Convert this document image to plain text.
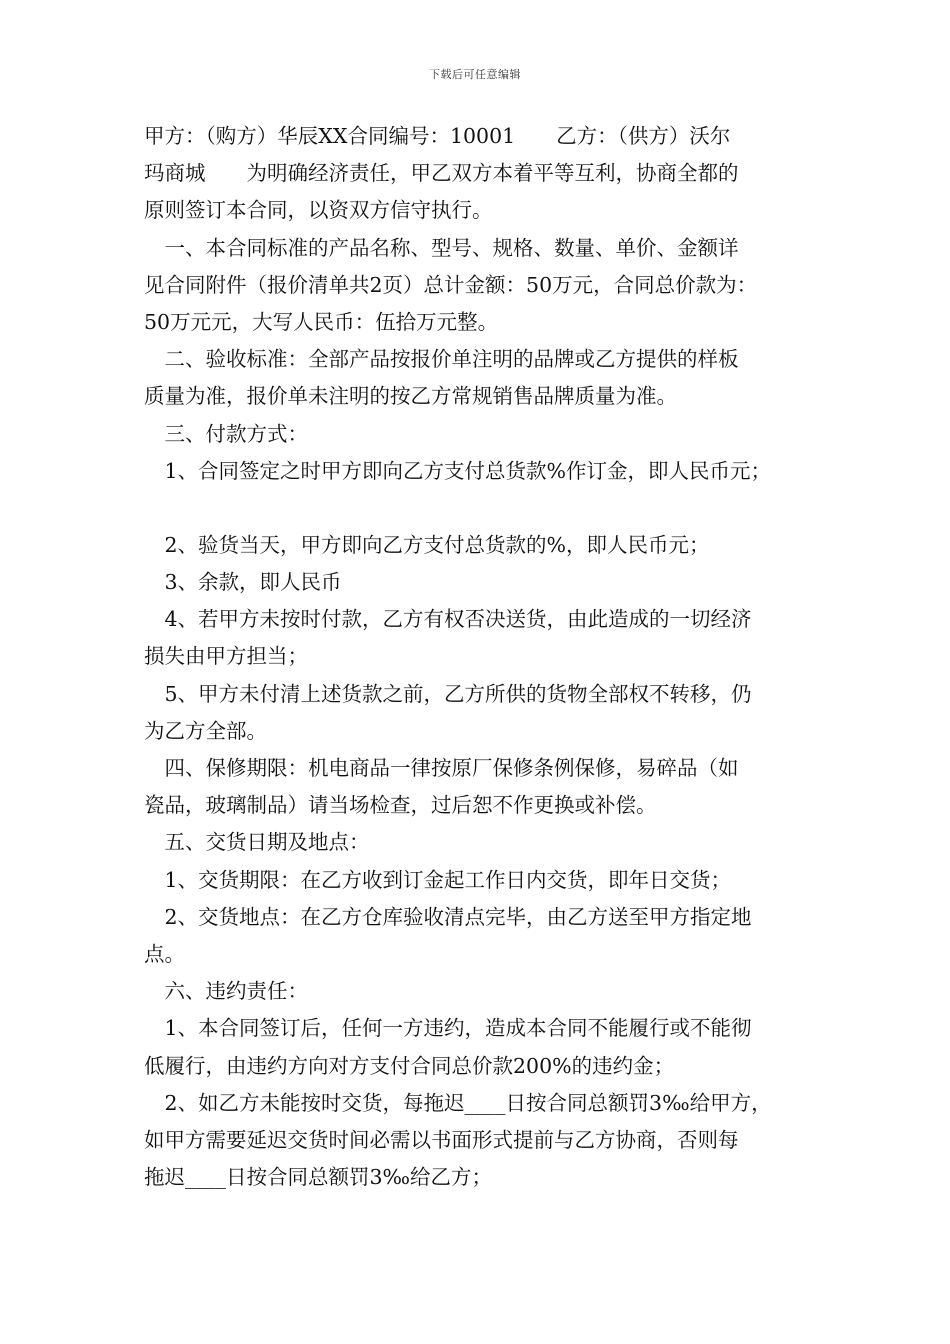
下载后可任意编辑
甲方：（购方）华辰XX合同编号：10001　　乙方：（供方）沃尔
玛商城　　为明确经济责任，甲乙双方本着平等互利，协商全都的
原则签订本合同，以资双方信守执行。
　一、本合同标准的产品名称、型号、规格、数量、单价、金额详
见合同附件（报价清单共2页）总计金额：50万元，合同总价款为：
50万元元，大写人民币：伍拾万元整。
　二、验收标准：全部产品按报价单注明的品牌或乙方提供的样板
质量为准，报价单未注明的按乙方常规销售品牌质量为准。
　三、付款方式：
　1、合同签定之时甲方即向乙方支付总货款%作订金，即人民币元；
　2、验货当天，甲方即向乙方支付总货款的%，即人民币元；
　3、余款，即人民币
　4、若甲方未按时付款，乙方有权否决送货，由此造成的一切经济
损失由甲方担当；
　5、甲方未付清上述货款之前，乙方所供的货物全部权不转移，仍
为乙方全部。
　四、保修期限：机电商品一律按原厂保修条例保修，易碎品（如
瓷品，玻璃制品）请当场检查，过后恕不作更换或补偿。
　五、交货日期及地点：
　1、交货期限：在乙方收到订金起工作日内交货，即年日交货；
　2、交货地点：在乙方仓库验收清点完毕，由乙方送至甲方指定地
点。
　六、违约责任：
　1、本合同签订后，任何一方违约，造成本合同不能履行或不能彻
低履行，由违约方向对方支付合同总价款200%的违约金；
　2、如乙方未能按时交货，每拖迟____日按合同总额罚3‰给甲方，
如甲方需要延迟交货时间必需以书面形式提前与乙方协商，否则每
拖迟____日按合同总额罚3‰给乙方；
